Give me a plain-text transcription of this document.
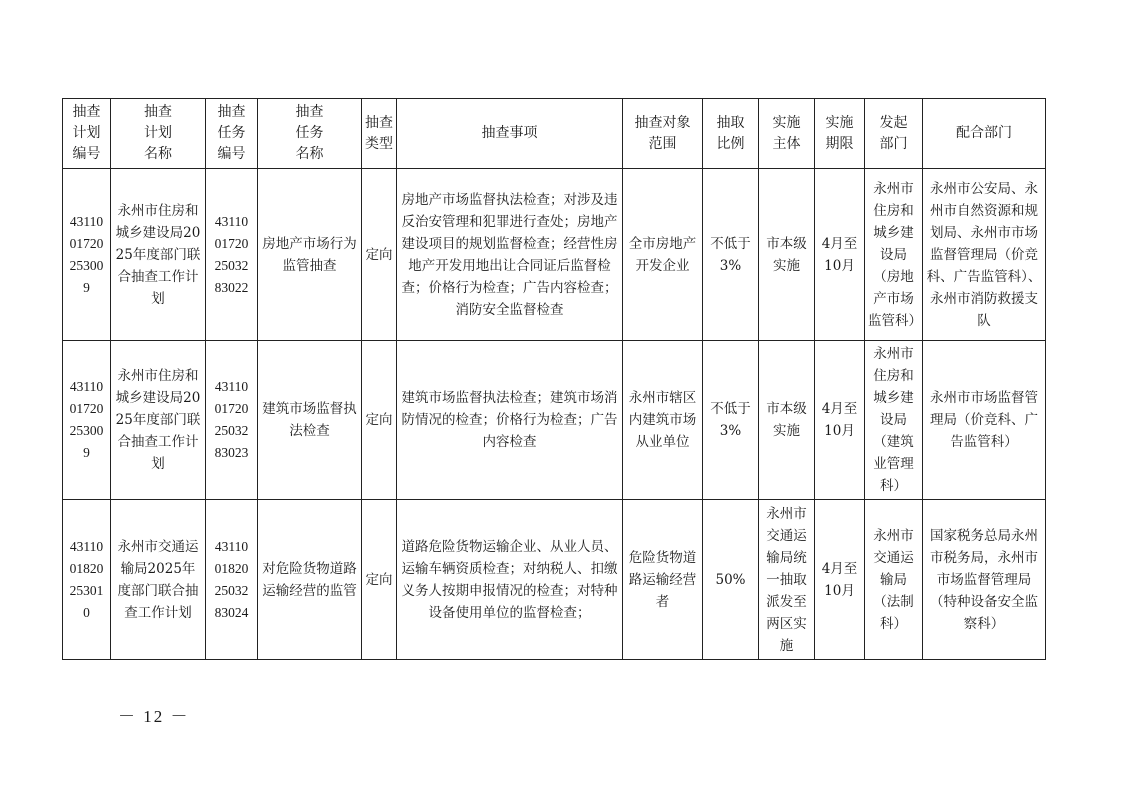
抽查
计划
编号	抽查
计划
名称	抽查
任务
编号	抽查
任务
名称	抽查
类型	抽查事项	抽查对象
范围	抽取
比例	实施
主体	实施
期限	发起
部门	配合部门
43110
01720
25300
9	永州市住房和城乡建设局2025年度部门联合抽查工作计划	43110
01720
25032
83022	房地产市场行为监管抽查	定向	房地产市场监督执法检查；对涉及违反治安管理和犯罪进行查处；房地产建设项目的规划监督检查；经营性房地产开发用地出让合同证后监督检查；价格行为检查；广告内容检查；消防安全监督检查	全市房地产开发企业	不低于3%	市本级实施	4月至10月	永州市住房和城乡建设局（房地产市场监管科）	永州市公安局、永州市自然资源和规划局、永州市市场监督管理局（价竞科、广告监管科）、永州市消防救援支队
43110
01720
25300
9	永州市住房和城乡建设局2025年度部门联合抽查工作计划	43110
01720
25032
83023	建筑市场监督执法检查	定向	建筑市场监督执法检查；建筑市场消防情况的检查；价格行为检查；广告内容检查	永州市辖区内建筑市场从业单位	不低于3%	市本级实施	4月至10月	永州市住房和城乡建设局（建筑业管理科）	永州市市场监督管理局（价竞科、广告监管科）
43110
01820
25301
0	永州市交通运输局2025年度部门联合抽查工作计划	43110
01820
25032
83024	对危险货物道路运输经营的监管	定向	道路危险货物运输企业、从业人员、运输车辆资质检查；对纳税人、扣缴义务人按期申报情况的检查；对特种设备使用单位的监督检查；	危险货物道路运输经营者	50%	永州市交通运输局统一抽取派发至两区实施	4月至10月	永州市交通运输局（法制科）	国家税务总局永州市税务局，永州市市场监督管理局（特种设备安全监察科）
－ 12 －
